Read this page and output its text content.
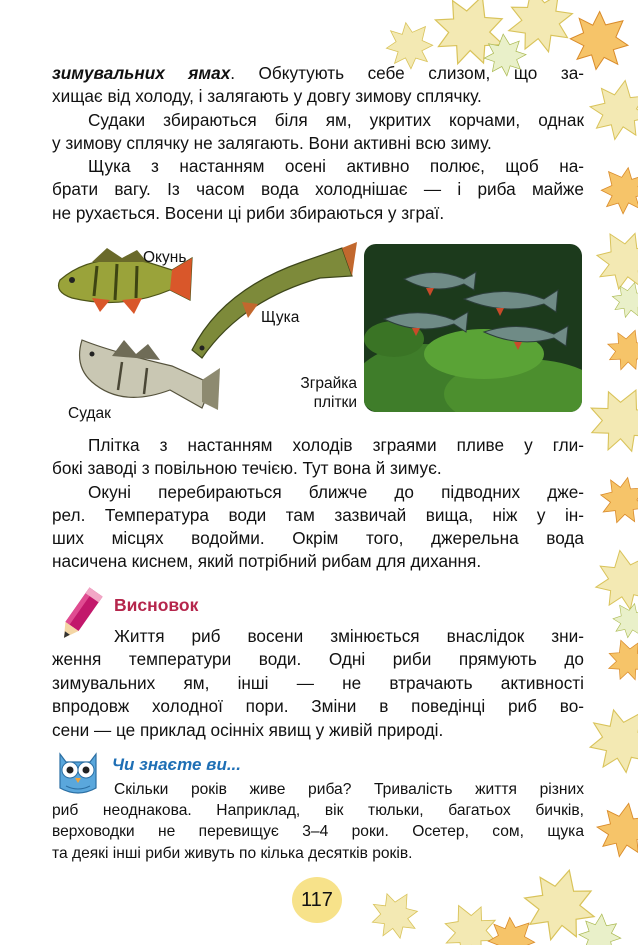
зимувальних ямах. Обкутують себе слизом, що за-
хищає від холоду, і залягають у довгу зимову сплячку.
Судаки збираються біля ям, укритих корчами, однак
у зимову сплячку не залягають. Вони активні всю зиму.
Щука з настанням осені активно полює, щоб на-
брати вагу. Із часом вода холоднішає — і риба майже
не рухається. Восени ці риби збираються у зграї.
Окунь
Щука
Судак
Зграйка
плітки
Плітка з настанням холодів зграями пливе у гли-
бокі заводі з повільною течією. Тут вона й зимує.
Окуні перебираються ближче до підводних дже-
рел. Температура води там зазвичай вища, ніж у ін-
ших місцях водойми. Окрім того, джерельна вода
насичена киснем, який потрібний рибам для дихання.
Висновок
Життя риб восени змінюється внаслідок зни-
ження температури води. Одні риби прямують до
зимувальних ям, інші — не втрачають активності
впродовж холодної пори. Зміни в поведінці риб во-
сени — це приклад осінніх явищ у живій природі.
Чи знаєте ви...
Скільки років живе риба? Тривалість життя різних
риб неоднакова. Наприклад, вік тюльки, багатьох бичків,
верховодки не перевищує 3–4 роки. Осетер, сом, щука
та деякі інші риби живуть по кілька десятків років.
117
